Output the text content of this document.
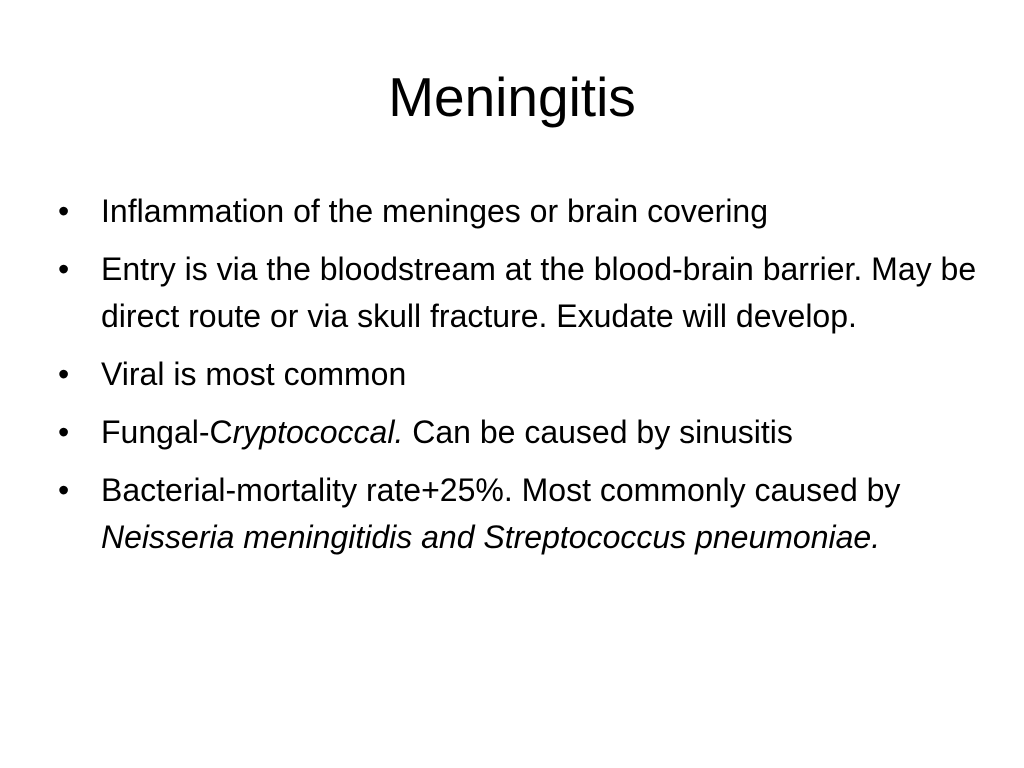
Meningitis
• Inflammation of the meninges or brain covering
• Entry is via the bloodstream at the blood-brain barrier. May be direct route or via skull fracture. Exudate will develop.
• Viral is most common
• Fungal-Cryptococcal. Can be caused by sinusitis
• Bacterial-mortality rate+25%. Most commonly caused by Neisseria meningitidis and Streptococcus pneumoniae.
